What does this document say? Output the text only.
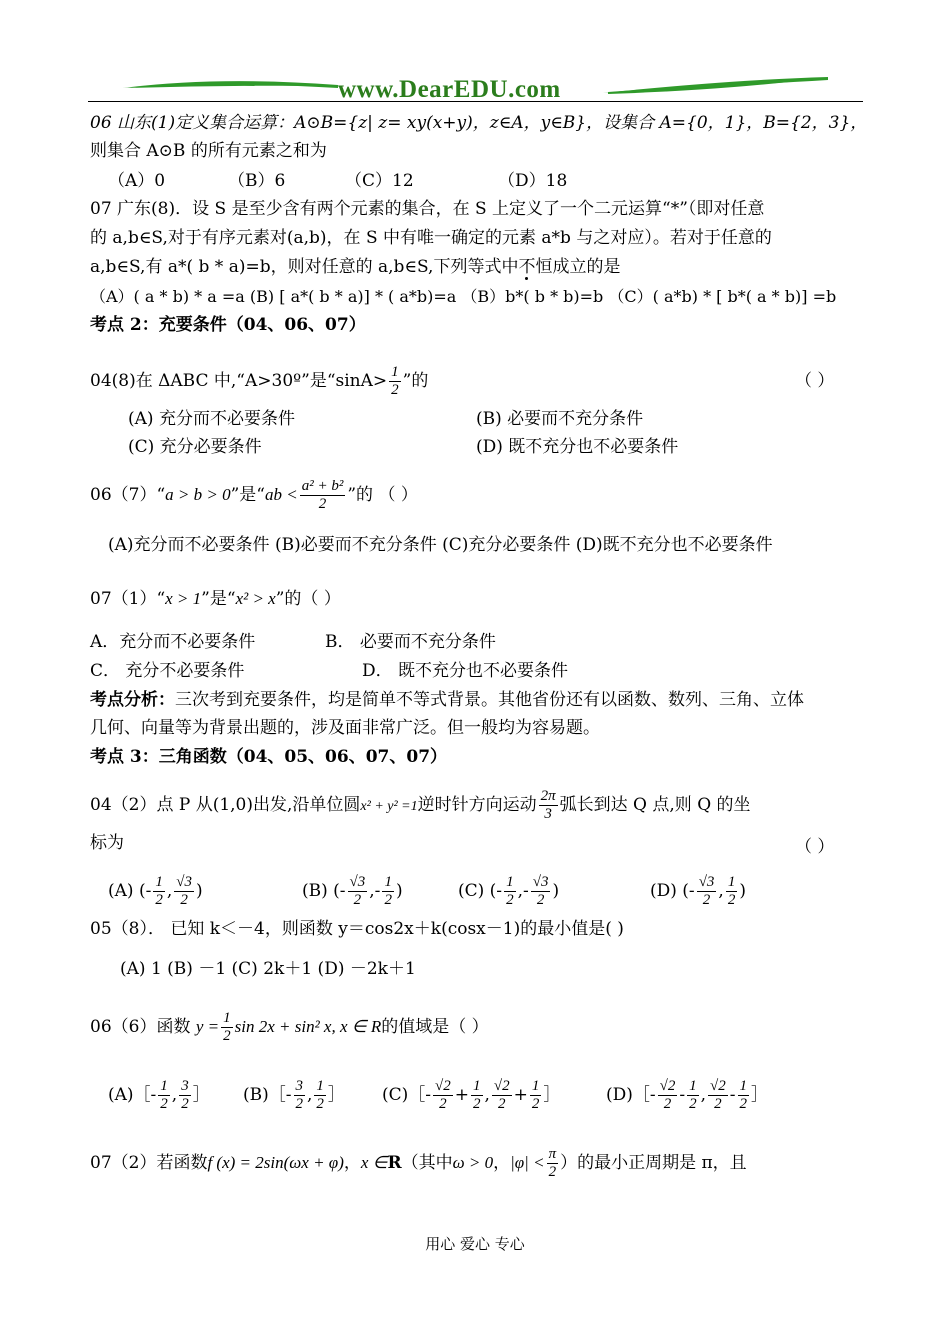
www.DearEDU.com
06 山东(1)定义集合运算：A⊙B={z| z= xy(x+y)，z∈A，y∈B}，设集合 A={0，1}，B={2，3}，
则集合 A⊙B 的所有元素之和为
（A）0	（B）6	（C）12	（D）18
07 广东(8)．设 S 是至少含有两个元素的集合，在 S 上定义了一个二元运算“*”（即对任意
的 a,b∈S,对于有序元素对(a,b)，在 S 中有唯一确定的元素 a*b 与之对应）。若对于任意的
a,b∈S,有 a*( b * a)=b，则对任意的 a,b∈S,下列等式中不恒成立的是
（A）( a * b) * a =a (B) [ a*( b * a)] * ( a*b)=a （B）b*( b * b)=b （C）( a*b) * [ b*( a * b)] =b
考点 2：充要条件（04、06、07）
04(8)在 ΔABC 中,“A>30º”是“$\sin A> \frac{1}{2}$ ”的	（ ）
(A) 充分而不必要条件	(B) 必要而不充分条件
(C) 充分必要条件	(D) 既不充分也不必要条件
06（7）“a > b > 0”是“ab < $\frac{\text{a² + b²}}{2}$ ”的 （ ）
(A)充分而不必要条件 (B)必要而不充分条件 (C)充分必要条件 (D)既不充分也不必要条件
07（1）“x > 1”是“x² > x”的（ ）
A．充分而不必要条件	B． 必要而不充分条件
C． 充分不必要条件	D． 既不充分也不必要条件
考点分析：三次考到充要条件，均是简单不等式背景。其他省份还有以函数、数列、三角、立体
几何、向量等为背景出题的，涉及面非常广泛。但一般均为容易题。
考点 3：三角函数（04、05、06、07、07）
04（2）点 P 从(1,0)出发,沿单位圆x² + y² =1逆时针方向运动 $\frac{2\pi}{3}$ 弧长到达 Q 点,则 Q 的坐
标为	（ ）
(A) (- $\frac{1}{2}$ , $\frac{√3}{2}$ )	(B) (- $\frac{√3}{2}$ ,- $\frac{1}{2}$ )	(C) (- $\frac{1}{2}$ ,- $\frac{√3}{2}$ )	(D) (- $\frac{√3}{2}$ , $\frac{1}{2}$ )
05（8）． 已知 k＜－4，则函数 y＝cos2x＋k(cosx－1)的最小值是( )
(A) 1 (B) －1 (C) 2k＋1 (D) －2k＋1
06（6）函数 $y = \frac{1}{2}$ sin 2x + sin² x, x ∈ R的值域是（ ）
(A)［- $\frac{1}{2}$ , $\frac{3}{2}$ ］ (B)［- $\frac{3}{2}$ , $\frac{1}{2}$ ］ (C)［- $\frac{√2}{2} + \frac{1}{2}$ , $\frac{√2}{2} + \frac{1}{2}$ ］	(D)［- $\frac{√2}{2} - \frac{1}{2}$ , $\frac{√2}{2} - \frac{1}{2}$ ］
07（2）若函数f (x) = 2sin(ωx + φ)，x ∈R（其中ω > 0，$|\varphi| < \frac{\pi}{2}$ ）的最小正周期是 π，且
用心 爱心 专心
